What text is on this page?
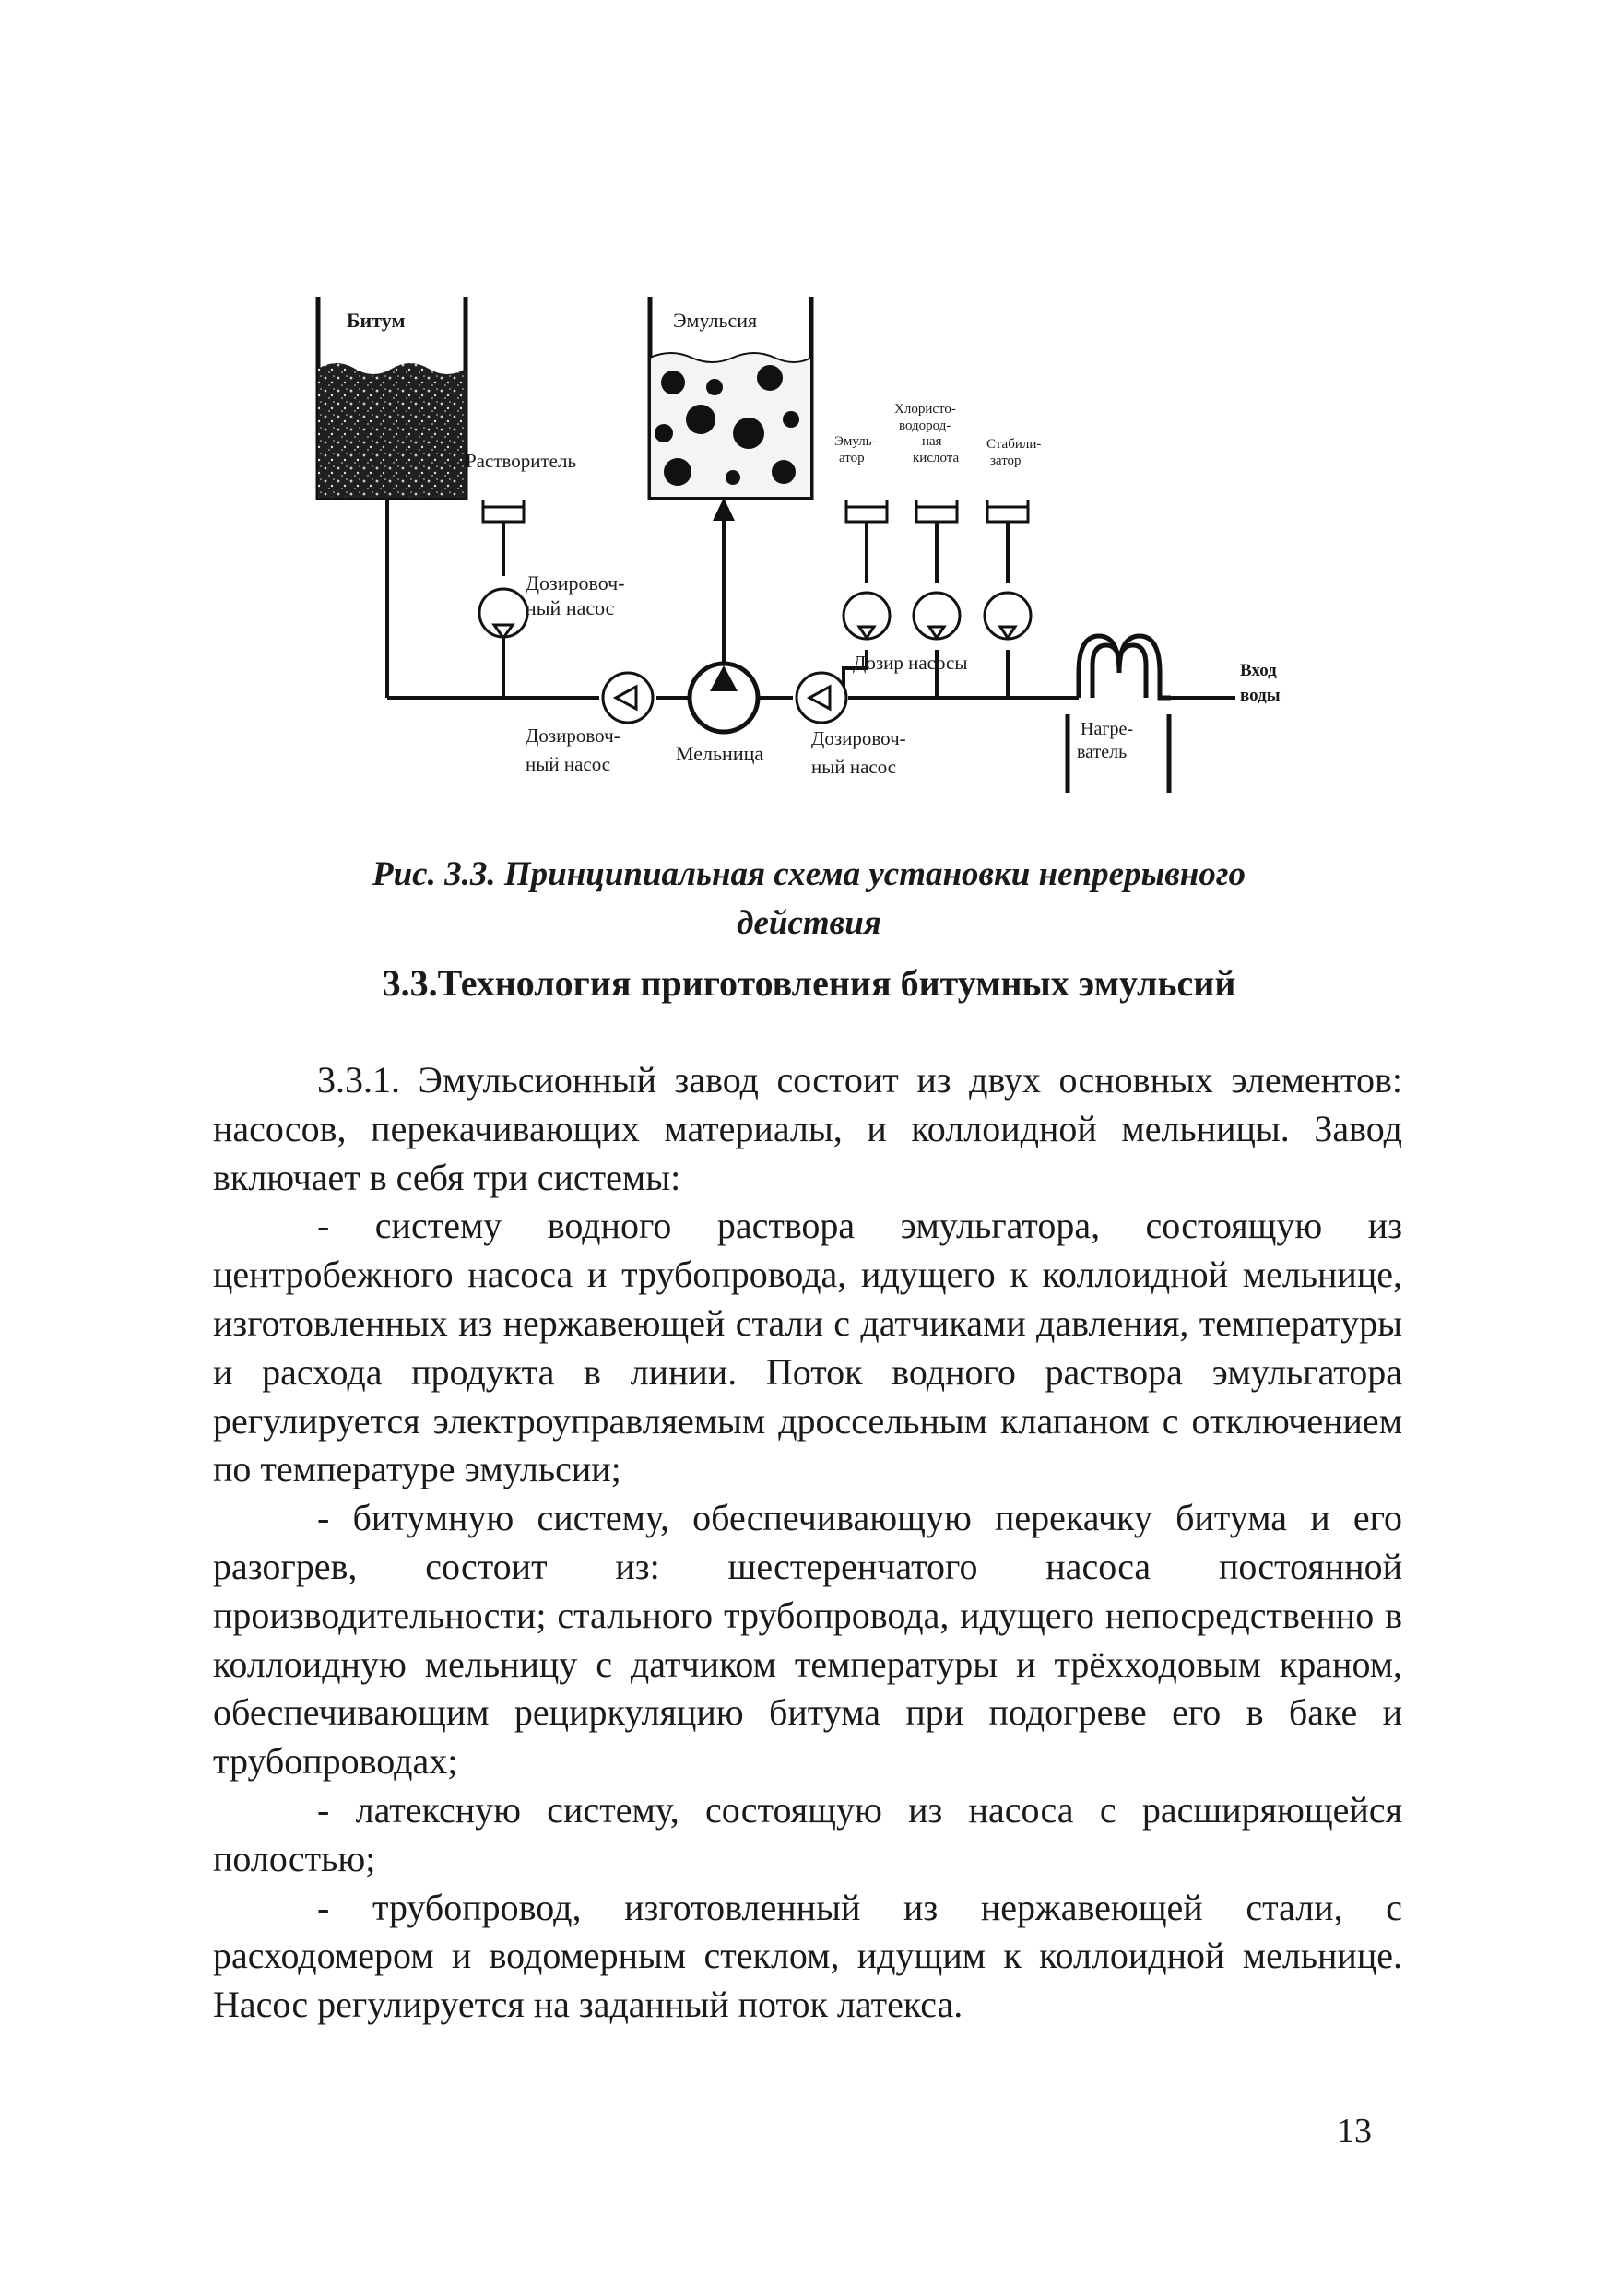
Битум
Растворитель
Эмульсия
Дозировоч- ный насос
Хлористо- водород- ная кислота
Эмуль- атор
Стабили- затор
Дозир насосы	Вход воды
Дозировоч- ный насос	Мельница
Дозировоч- ный насос
Нагре- ватель
Рис. 3.3. Принципиальная схема установки непрерывного
действия
3.3.Технология приготовления битумных эмульсий

3.3.1. Эмульсионный завод состоит из двух основных элементов: насосов, перекачивающих материалы, и коллоидной мельницы. Завод включает в себя три системы:

- систему водного раствора эмульгатора, состоящую из центробежного насоса и трубопровода, идущего к коллоидной мельнице, изготовленных из нержавеющей стали с датчиками давления, температуры и расхода продукта в линии. Поток водного раствора эмульгатора регулируется электроуправляемым дроссельным клапаном с отключением по температуре эмульсии;

- битумную систему, обеспечивающую перекачку битума и его разогрев, состоит из: шестеренчатого насоса постоянной производительности; стального трубопровода, идущего непосредственно в коллоидную мельницу с датчиком температуры и трёхходовым краном, обеспечивающим рециркуляцию битума при подогреве его в баке и трубопроводах;

- латексную систему, состоящую из насоса с расширяющейся полостью;

- трубопровод, изготовленный из нержавеющей стали, с расходомером и водомерным стеклом, идущим к коллоидной мельнице. Насос регулируется на заданный поток латекса.

13
